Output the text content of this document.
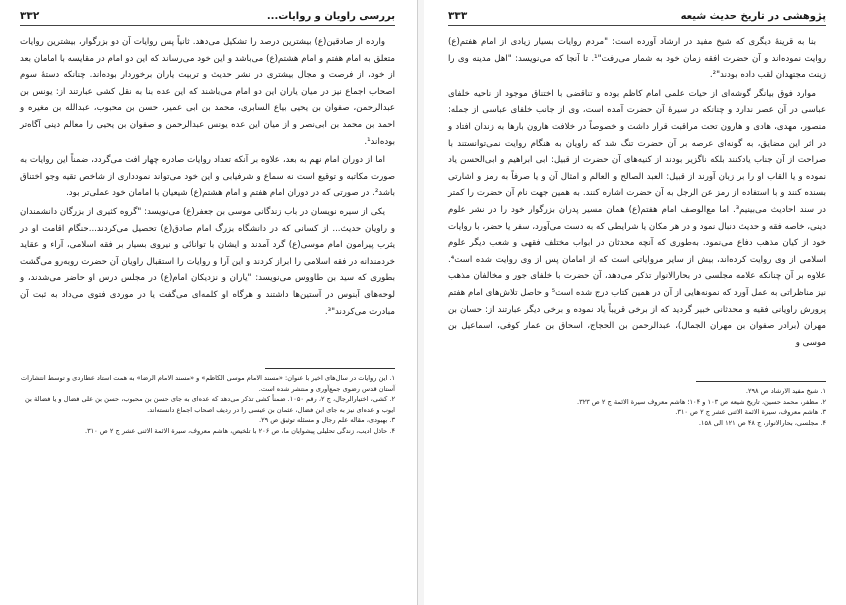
بررسی راویان و روایات...
۳۳۲

وارده از صادقین(ع) بیشترین درصد را تشکیل می‌دهد. ثانیاً پس روایات آن دو بزرگوار، بیشترین روایات متعلق به امام هفتم و امام هشتم(ع) می‌باشد و این خود می‌رساند که این دو امام در مقایسه با امامان بعد از خود، از فرصت و مجال بیشتری در نشر حدیث و تربیت یاران برخوردار بوده‌اند. چنانکه دستهٔ سوم اصحاب اجماع نیز در میان یاران این دو امام می‌باشند که این عده بنا به نقل کشی عبارتند از: یونس بن عبدالرحمن، صفوان بن یحیی بیاع السابری، محمد بن ابی عمیر، حسن بن محبوب، عبدالله بن مغیره و احمد بن محمد بن ابی‌نصر و از میان این عده یونس عبدالرحمن و صفوان بن یحیی را معالم دینی آگاه‌تر بوده‌اند¹.

اما از دوران امام نهم به بعد، علاوه بر آنکه تعداد روایات صادره چهار افت می‌گردد، ضمناً این روایات به صورت مکاتبه و توقیع است نه سماع و شرفیابی و این خود می‌تواند نمودداری از شاخص تقیه وجو اختناق باشد². در صورتی که در دوران امام هفتم و امام هشتم(ع) شیعیان با امامان خود عملی‌تر بود.

یکی از سیره نویسان در باب زندگانی موسی بن جعفر(ع) می‌نویسد: "گروه کثیری از بزرگان دانشمندان و راویان حدیث... از کسانی که در دانشگاه بزرگ امام صادق(ع) تحصیل می‌کردند...حنگام اقامت او در یثرب پیرامون امام موسی(ع) گرد آمدند و ایشان با توانائی و نیروی بسیار بر فقه اسلامی، آراء و عقاید خردمندانه در فقه اسلامی را ابراز کردند و این آرا و روایات را استقبال راویان آن حضرت روبه‌رو می‌گشت بطوری که سید بن طاووس می‌نویسد: "یاران و نزدیکان امام(ع) در مجلس درس او حاضر می‌شدند، و لوحه‌های آبنوس در آستین‌ها داشتند و هرگاه او کلمه‌ای می‌گفت یا در موردی فتوی می‌داد به ثبت آن مبادرت می‌کردند"³.

۱. این روایات در سال‌های اخیر با عنوان: «مسند الامام موسی الکاظم» و «مسند الامام الرضا» به همت استاد عطاردی و توسط انتشارات آستان قدس رضوی جمع‌آوری و منتشر شده است.
۲. کشی، اختیارالرجال، ج ۲، رقم ۱۰۵۰. ضمناً کشی تذکر می‌دهد که عده‌ای به جای حسن بن محبوب، حسن بن علی فضال و یا فضالة بن ایوب و عده‌ای نیز به جای ابن فضال، عثمان بن عیسی را در ردیف اصحاب اجماع دانسته‌اند.
۳. بهبودی، مقاله علم رجال و مسئله توثیق ص ۲۹.
۴. حاذل ادیب، زندگی تحلیلی پیشوایان ما، ص ۲۰۶ با تلخیص، هاشم معروف، سیرة الائمة الاثنی عشر ج ۲ ص ۳۱۰.
پژوهشی در تاریخ حدیث شیعه
۳۳۳

بنا به قرینهٔ دیگری که شیخ مفید در ارشاد آورده است: "مردم روایات بسیار زیادی از امام هفتم(ع) روایت نموده‌اند و آن حضرت افقه زمان خود به شمار می‌رفت"¹. تا آنجا که می‌نویسد: "اهل مدینه وی را زینت مجتهدان لقب داده بودند"².

موارد فوق بیانگر گوشه‌ای از حیات علمی امام کاظم بوده و تناقضی با اختناق موجود از ناحیه خلفای عباسی در آن عصر ندارد و چنانکه در سیرهٔ آن حضرت آمده است، وی از جانب خلفای عباسی از جمله: منصور، مهدی، هادی و هارون تحت مراقبت قرار داشت و خصوصاً در خلافت هارون بارها به زندان افتاد و در اثر این مضایق، به گونه‌ای عرصه بر آن حضرت تنگ شد که راویان به هنگام روایت نمی‌توانستند با صراحت از آن جناب یادکنند بلکه ناگزیر بودند از کنیه‌های آن حضرت از قبیل: ابی ابراهیم و ابی‌الحسن یاد نموده و یا القاب او را بر زبان آورند از قبیل: العبد الصالح و العالم و امثال آن و یا صرفاً به رمز و اشارتی بسنده کنند و با استفاده از رمز عن الرجل به آن حضرت اشاره کنند. به همین جهت نام آن حضرت را کمتر در سند احادیث می‌بینیم³. اما مع‌الوصف امام هفتم(ع) همان مسیر پدران بزرگوار خود را در نشر علوم دینی، خاصه فقه و حدیث دنبال نمود و در هر مکان یا شرایطی که به دست می‌آورد، سفر یا حضر، با روایات خود از کیان مذهب دفاع می‌نمود. به‌طوری که آنچه محدثان در ابواب مختلف فقهی و شعب دیگر علوم اسلامی از وی روایت کرده‌اند، بیش از سایر مروایاتی است که از امامان پس از وی روایت شده است⁴. علاوه بر آن چنانکه علامه مجلسی در بحارالانوار تذکر می‌دهد، آن حضرت با خلفای جور و مخالفان مذهب نیز مناظراتی به عمل آورد که نمونه‌هایی از آن در همین کتاب درج شده است⁵ و حاصل تلاش‌های امام هفتم پرورش راویانی فقیه و محدثانی خبیر گردید که از برخی قریباً یاد نموده و برخی دیگر عبارتند از: حسان بن مهران (برادر صفوان بن مهران الجمال)، عبدالرحمن بن الحجاج، اسحاق بن عمار کوفی، اسماعیل بن موسی و

۱. شیخ مفید الارشاد ص ۲۹۸.
۲. مظفر، محمد حسین، تاریخ شیعه ص ۱۰۳ و ۱۰۴؛ هاشم معروف سیرة الائمة ج ۲ ص ۳۲۳.
۳. هاشم معروف، سیرة الائمة الاثنی عشر ج ۲ ص ۳۱۰.
۴. مجلسی، بحارالانوار، ج ۴۸ ص ۱۲۱ الی ۱۵۸.
